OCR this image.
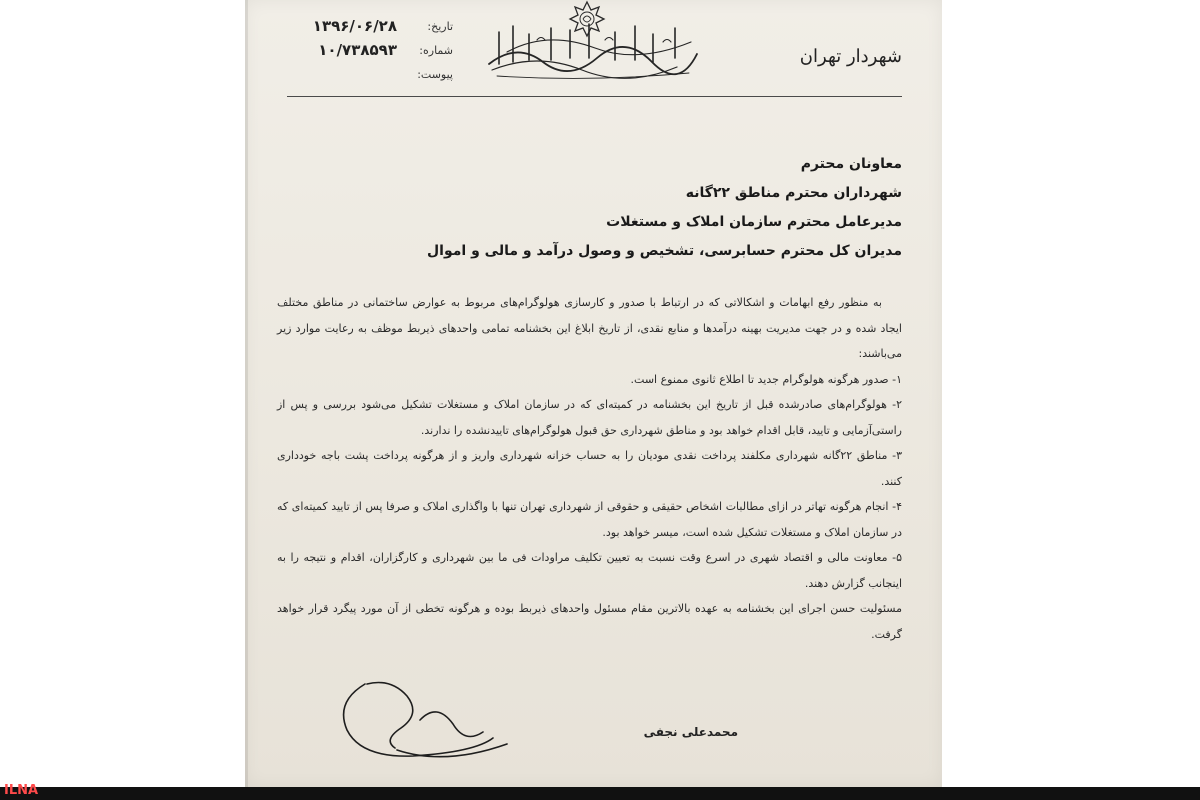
تاریخ:
۱۳۹۶/۰۶/۲۸
شماره:
۱۰/۷۳۸۵۹۳
پیوست:
شهردار تهران
معاونان محترم
شهرداران محترم مناطق ۲۲گانه
مدیرعامل محترم سازمان املاک و مستغلات
مدیران کل محترم حسابرسی، تشخیص و وصول درآمد و مالی و اموال

به منظور رفع ابهامات و اشکالاتی که در ارتباط با صدور و کارسازی هولوگرام‌های مربوط به عوارض ساختمانی در مناطق مختلف ایجاد شده و در جهت مدیریت بهینه درآمدها و منابع نقدی، از تاریخ ابلاغ این بخشنامه تمامی واحدهای ذیربط موظف به رعایت موارد زیر می‌باشند:

۱- صدور هرگونه هولوگرام جدید تا اطلاع ثانوی ممنوع است.

۲- هولوگرام‌های صادرشده قبل از تاریخ این بخشنامه در کمیته‌ای که در سازمان املاک و مستغلات تشکیل می‌شود بررسی و پس از راستی‌آزمایی و تایید، قابل اقدام خواهد بود و مناطق شهرداری حق قبول هولوگرام‌های تاییدنشده را ندارند.

۳- مناطق ۲۲گانه شهرداری مکلفند پرداخت نقدی مودیان را به حساب خزانه شهرداری واریز و از هرگونه پرداخت پشت باجه خودداری کنند.

۴- انجام هرگونه تهاتر در ازای مطالبات اشخاص حقیقی و حقوقی از شهرداری تهران تنها با واگذاری املاک و صرفا پس از تایید کمیته‌ای که در سازمان املاک و مستغلات تشکیل شده است، میسر خواهد بود.

۵- معاونت مالی و اقتصاد شهری در اسرع وقت نسبت به تعیین تکلیف مراودات فی ما بین شهرداری و کارگزاران، اقدام و نتیجه را به اینجانب گزارش دهند.

مسئولیت حسن اجرای این بخشنامه به عهده بالاترین مقام مسئول واحدهای ذیربط بوده و هرگونه تخطی از آن مورد پیگرد قرار خواهد گرفت.

محمدعلی نجفی
ILNA
